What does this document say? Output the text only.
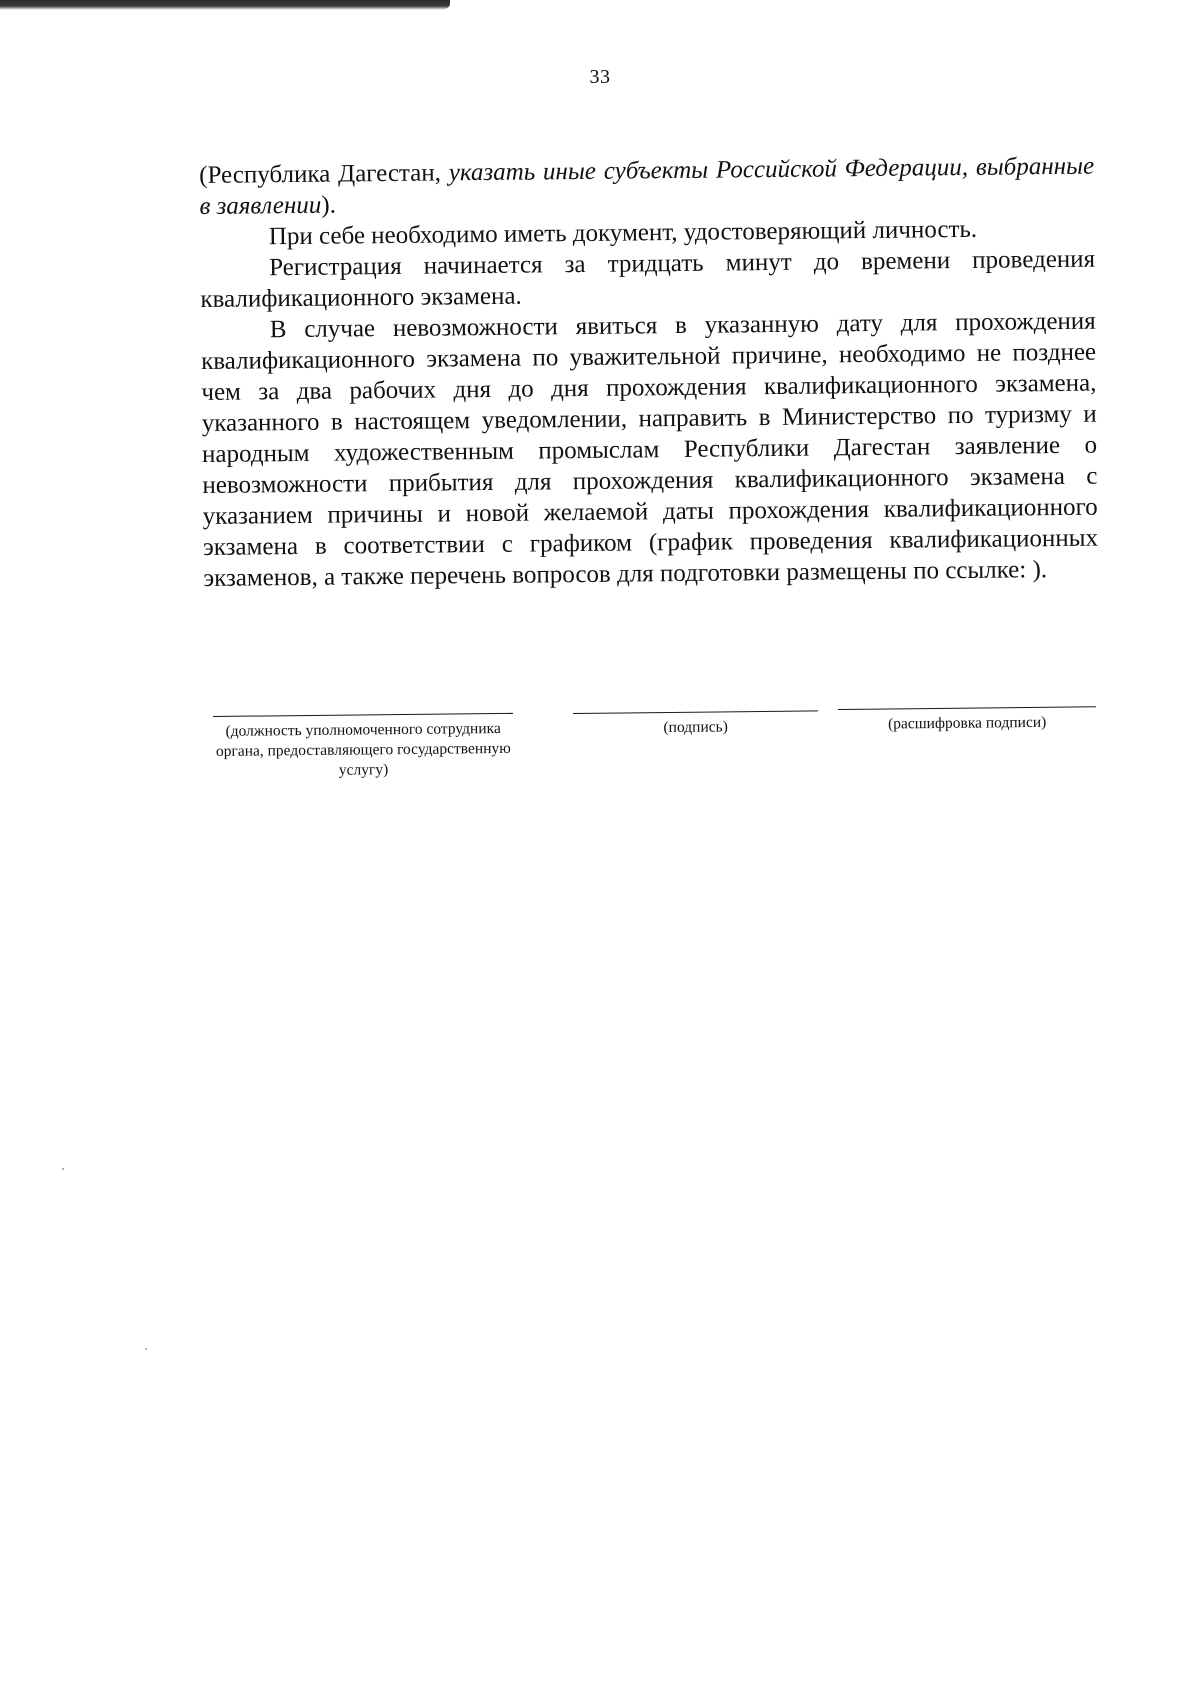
33

(Республика Дагестан, указать иные субъекты Российской Федерации, выбранные в заявлении).

При себе необходимо иметь документ, удостоверяющий личность.

Регистрация начинается за тридцать минут до времени проведения квалификационного экзамена.

В случае невозможности явиться в указанную дату для прохождения квалификационного экзамена по уважительной причине, необходимо не позднее чем за два рабочих дня до дня прохождения квалификационного экзамена, указанного в настоящем уведомлении, направить в Министерство по туризму и народным художественным промыслам Республики Дагестан заявление о невозможности прибытия для прохождения квалификационного экзамена с указанием причины и новой желаемой даты прохождения квалификационного экзамена в соответствии с графиком (график проведения квалификационных экзаменов, а также перечень вопросов для подготовки размещены по ссылке: ).

(должность уполномоченного сотрудника органа, предоставляющего государственную услугу)
(подпись)	(расшифровка подписи)
